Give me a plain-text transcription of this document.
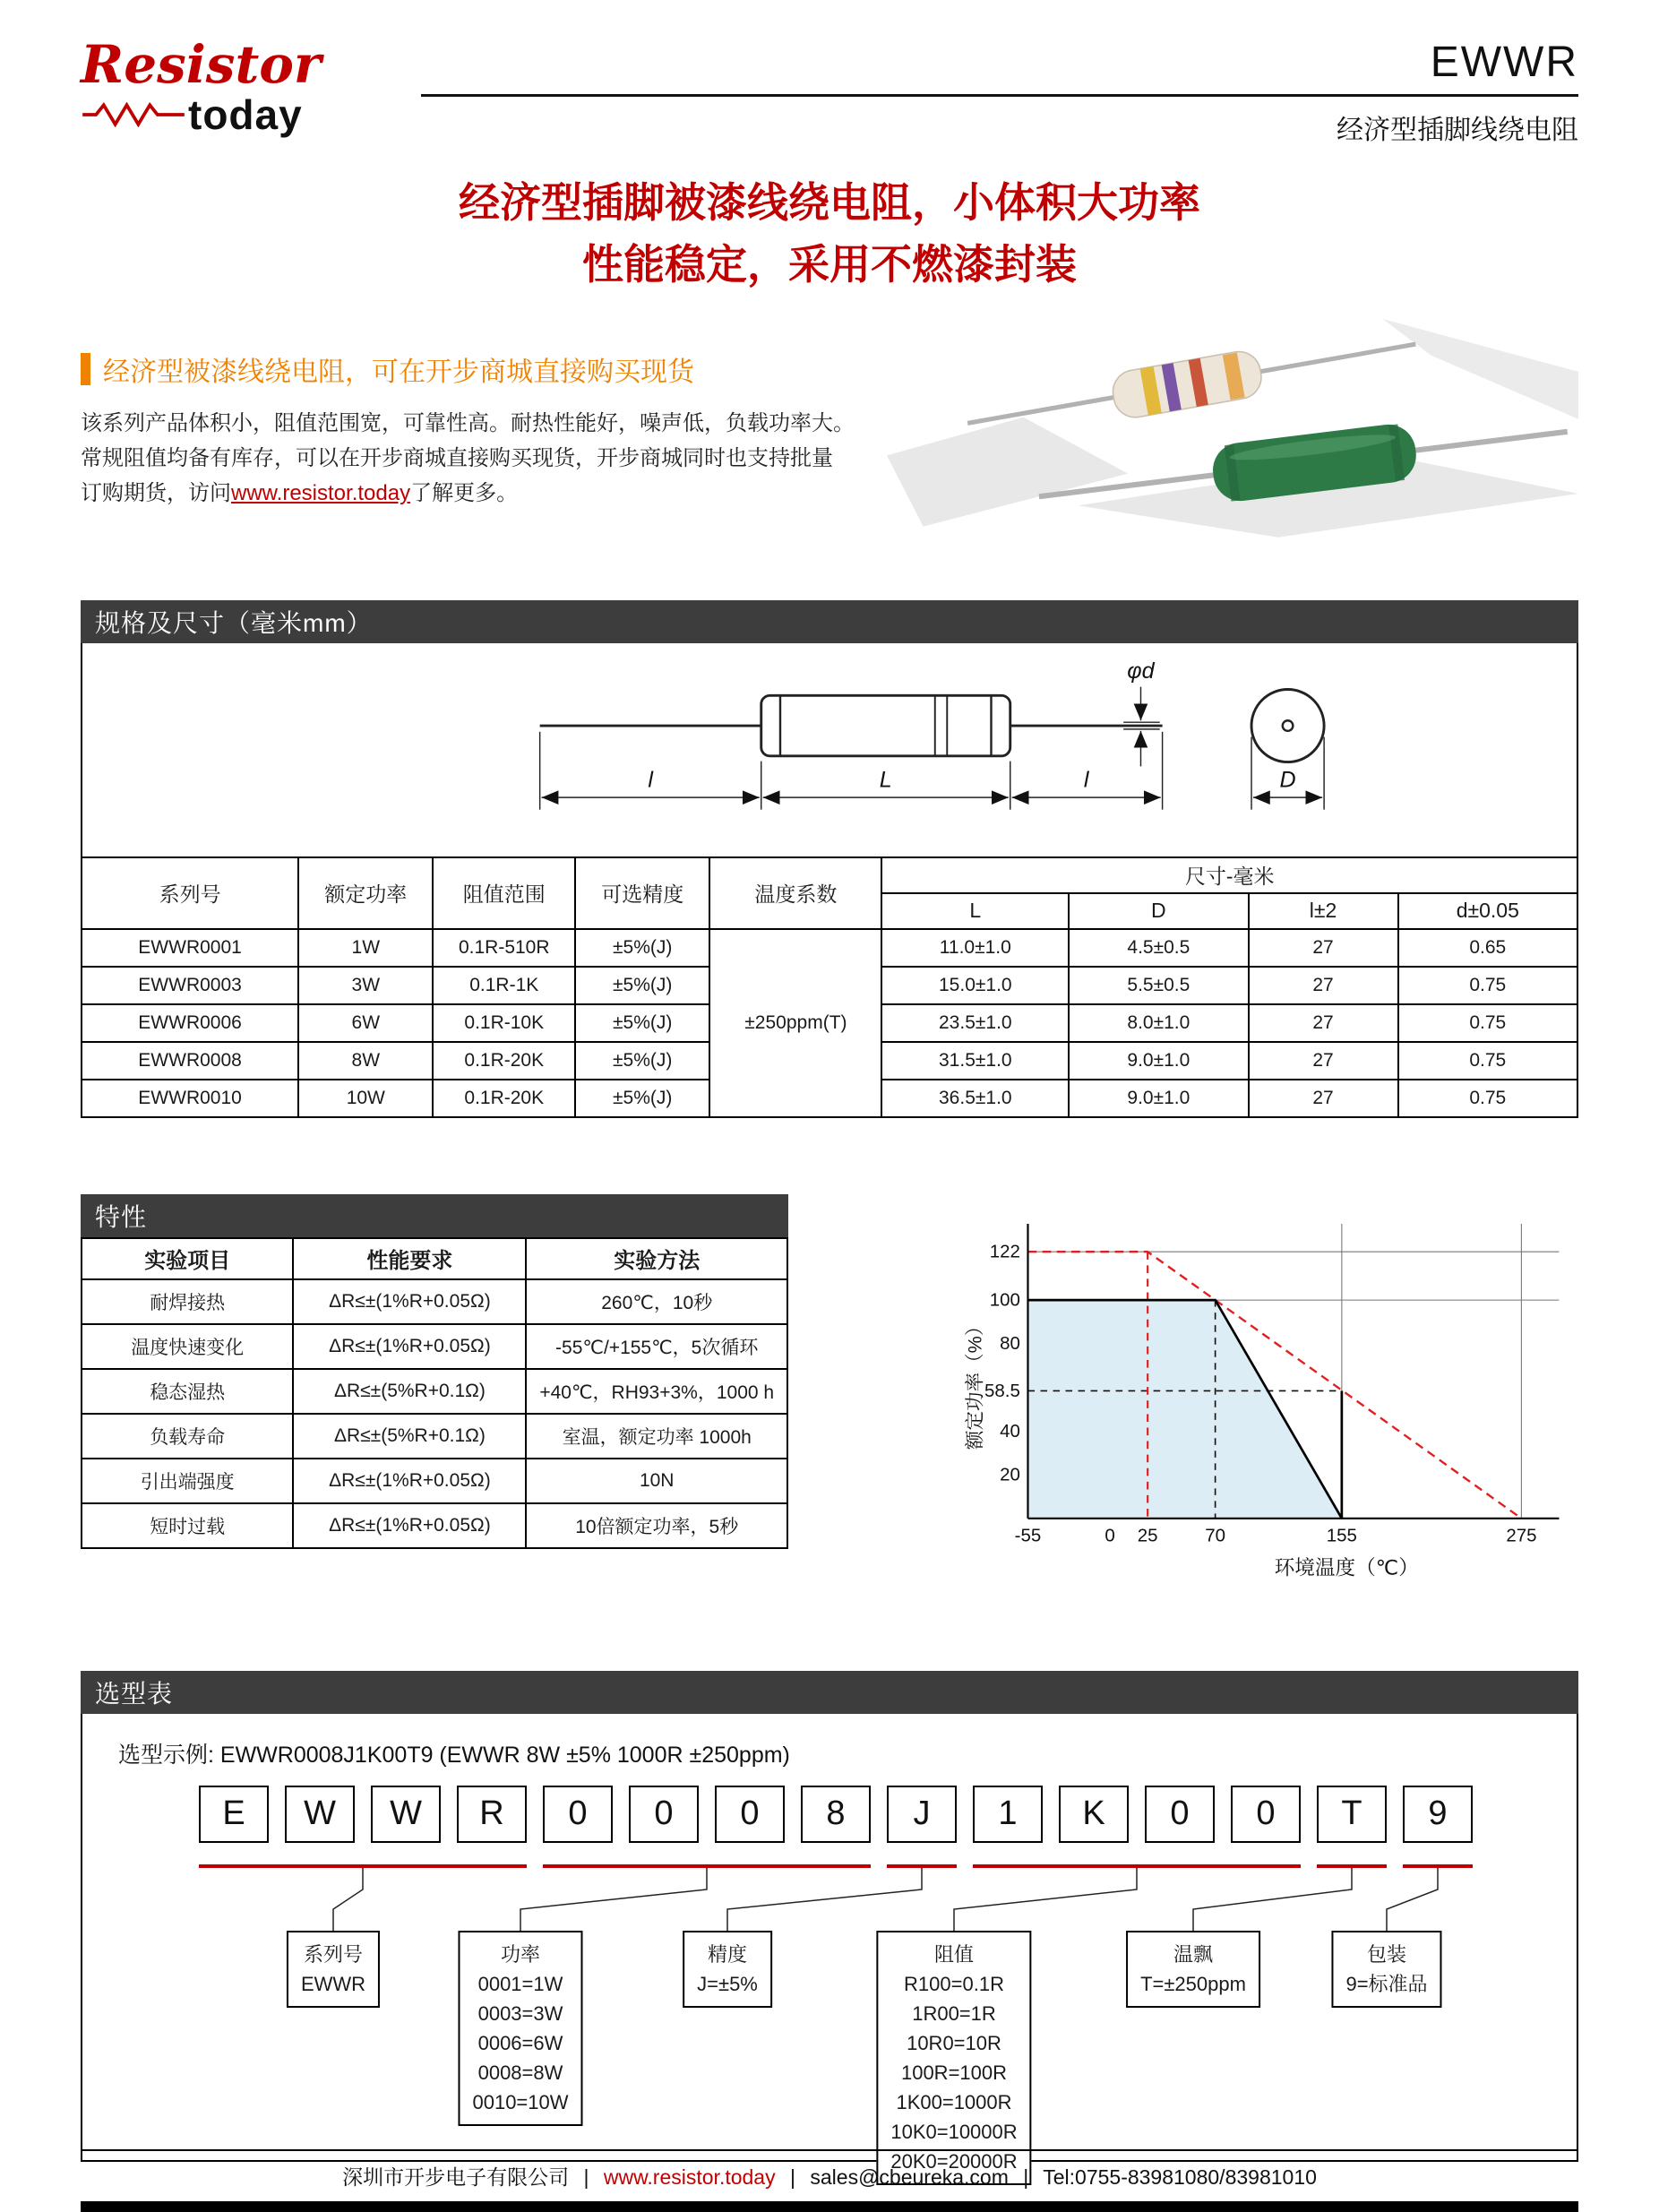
Resistor
today
EWWR
经济型插脚线绕电阻
经济型插脚被漆线绕电阻，小体积大功率
性能稳定，采用不燃漆封装
经济型被漆线绕电阻，可在开步商城直接购买现货

该系列产品体积小，阻值范围宽，可靠性高。耐热性能好，噪声低，负载功率大。
常规阻值均备有库存，可以在开步商城直接购买现货，开步商城同时也支持批量
订购期货，访问www.resistor.today了解更多。

规格及尺寸（毫米mm）
φd
l	L	l	D
系列号	额定功率	阻值范围	可选精度	温度系数	尺寸-毫米			
					L	D	l±2	d±0.05
EWWR0001	1W	0.1R-510R	±5%(J)	±250ppm(T)	11.0±1.0	4.5±0.5	27	0.65
EWWR0003	3W	0.1R-1K	±5%(J)		15.0±1.0	5.5±0.5	27	0.75
EWWR0006	6W	0.1R-10K	±5%(J)		23.5±1.0	8.0±1.0	27	0.75
EWWR0008	8W	0.1R-20K	±5%(J)		31.5±1.0	9.0±1.0	27	0.75
EWWR0010	10W	0.1R-20K	±5%(J)		36.5±1.0	9.0±1.0	27	0.75
特性
实验项目	性能要求	实验方法
耐焊接热	ΔR≤±(1%R+0.05Ω)	260℃，10秒
温度快速变化	ΔR≤±(1%R+0.05Ω)	-55℃/+155℃，5次循环
稳态湿热	ΔR≤±(5%R+0.1Ω)	+40℃，RH93+3%，1000 h
负载寿命	ΔR≤±(5%R+0.1Ω)	室温，额定功率 1000h
引出端强度	ΔR≤±(1%R+0.05Ω)	10N
短时过载	ΔR≤±(1%R+0.05Ω)	10倍额定功率，5秒
122
100
80
58.5
40
20
-55	0 25	70	155	275
环境温度（℃）
额定功率（%）
选型表
选型示例: EWWR0008J1K00T9 (EWWR 8W ±5% 1000R ±250ppm)
E	W	W	R	0	0	0	8	J	1	K	0	0	T	9
系列号
EWWR
功率
0001=1W
0003=3W
0006=6W
0008=8W
0010=10W
精度
J=±5%
阻值
R100=0.1R
1R00=1R
10R0=10R
100R=100R
1K00=1000R
10K0=10000R
20K0=20000R
温飘
T=±250ppm
包装
9=标准品
深圳市开步电子有限公司 | www.resistor.today | sales@cbeureka.com | Tel:0755-83981080/83981010
